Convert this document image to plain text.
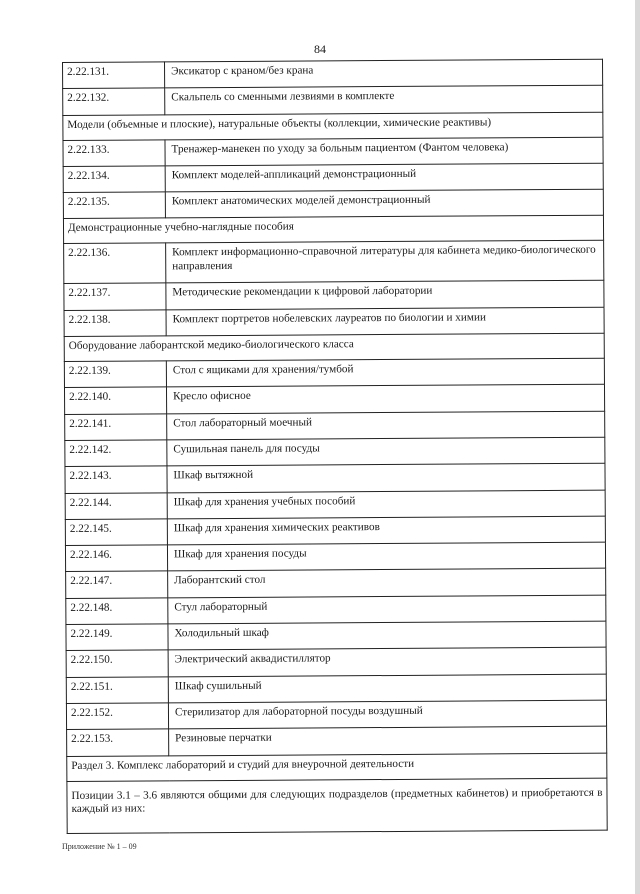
84
2.22.131.	Эксикатор с краном/без крана
2.22.132.	Скальпель со сменными лезвиями в комплекте
Модели (объемные и плоские), натуральные объекты (коллекции, химические реактивы)	
2.22.133.	Тренажер-манекен по уходу за больным пациентом (Фантом человека)
2.22.134.	Комплект моделей-аппликаций демонстрационный
2.22.135.	Комплект анатомических моделей демонстрационный
Демонстрационные учебно-наглядные пособия	
2.22.136.	Комплект информационно-справочной литературы для кабинета медико-биологического направления
2.22.137.	Методические рекомендации к цифровой лаборатории
2.22.138.	Комплект портретов нобелевских лауреатов по биологии и химии
Оборудование лаборантской медико-биологического класса	
2.22.139.	Стол с ящиками для хранения/тумбой
2.22.140.	Кресло офисное
2.22.141.	Стол лабораторный моечный
2.22.142.	Сушильная панель для посуды
2.22.143.	Шкаф вытяжной
2.22.144.	Шкаф для хранения учебных пособий
2.22.145.	Шкаф для хранения химических реактивов
2.22.146.	Шкаф для хранения посуды
2.22.147.	Лаборантский стол
2.22.148.	Стул лабораторный
2.22.149.	Холодильный шкаф
2.22.150.	Электрический аквадистиллятор
2.22.151.	Шкаф сушильный
2.22.152.	Стерилизатор для лабораторной посуды воздушный
2.22.153.	Резиновые перчатки
Раздел 3. Комплекс лабораторий и студий для внеурочной деятельности	
Позиции 3.1 – 3.6 являются общими для следующих подразделов (предметных кабинетов) и приобретаются в каждый из них:	
Приложение № 1 – 09
